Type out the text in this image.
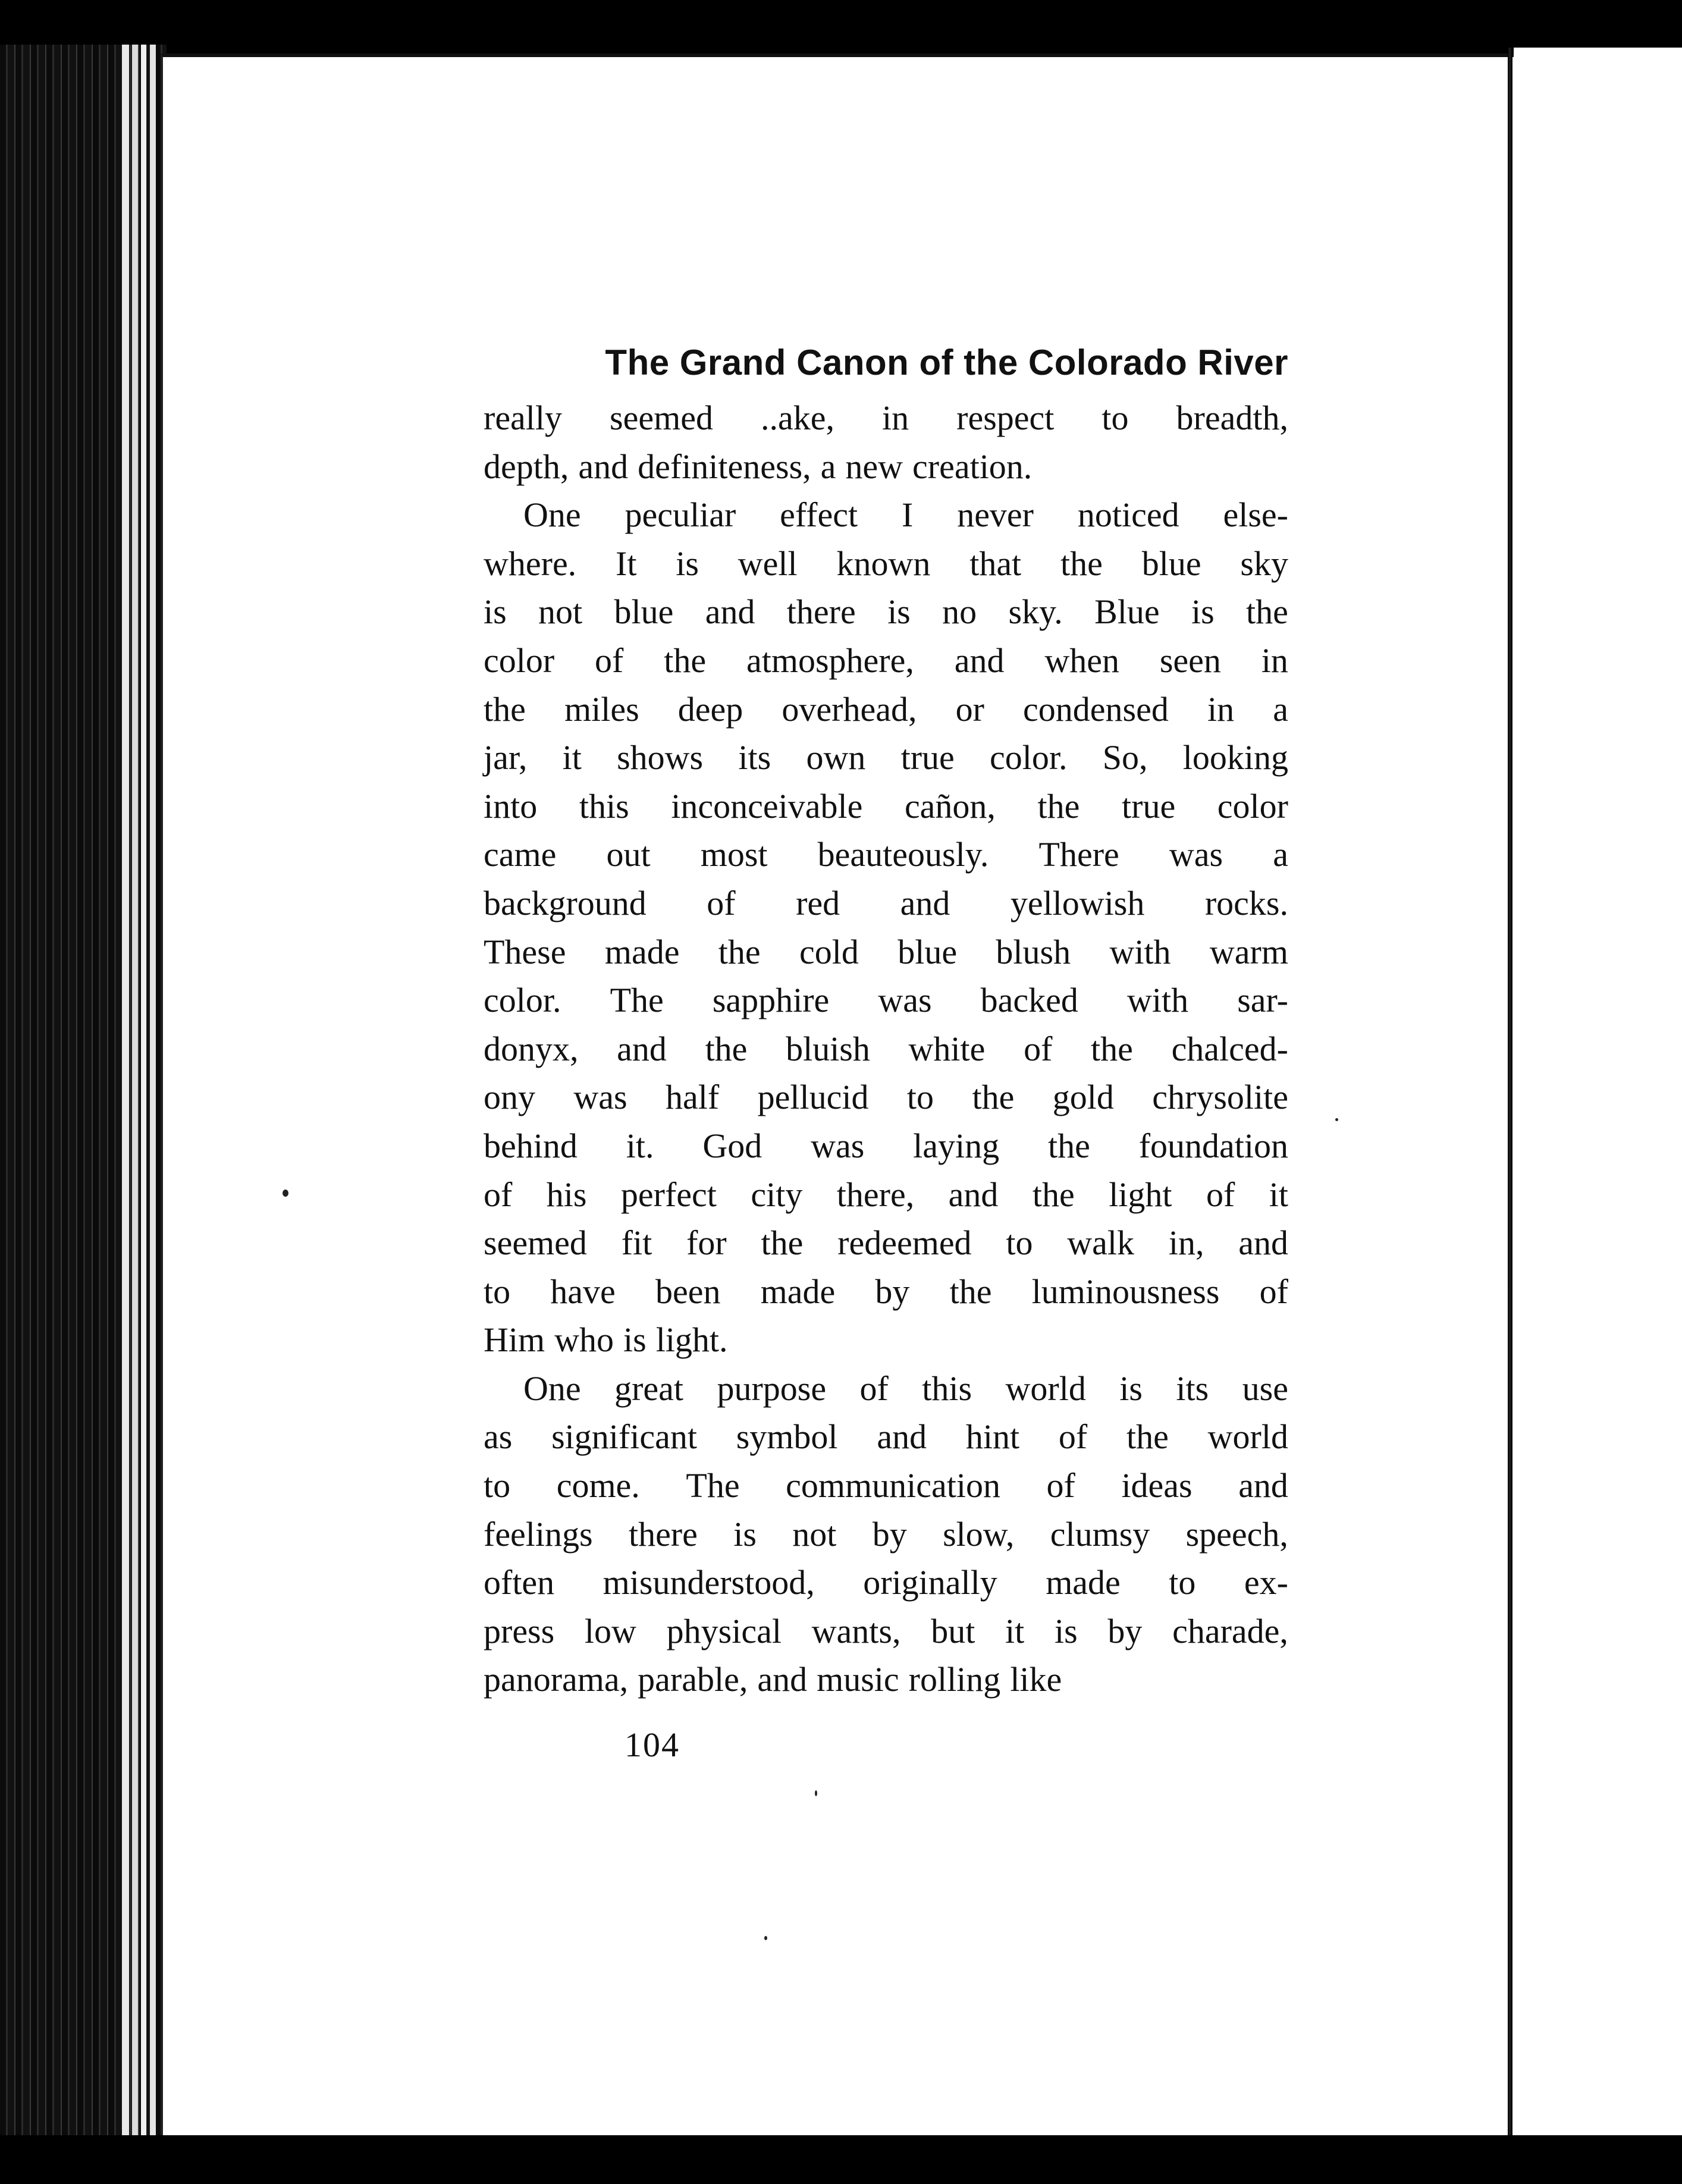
The Grand Canon of the Colorado River
really seemed ..ake, in respect to breadth,
depth, and definiteness, a new creation.
One peculiar effect I never noticed else-
where. It is well known that the blue sky
is not blue and there is no sky. Blue is the
color of the atmosphere, and when seen in
the miles deep overhead, or condensed in a
jar, it shows its own true color. So, looking
into this inconceivable cañon, the true color
came out most beauteously. There was a
background of red and yellowish rocks.
These made the cold blue blush with warm
color. The sapphire was backed with sar-
donyx, and the bluish white of the chalced-
ony was half pellucid to the gold chrysolite
behind it. God was laying the foundation
of his perfect city there, and the light of it
seemed fit for the redeemed to walk in, and
to have been made by the luminousness of
Him who is light.
One great purpose of this world is its use
as significant symbol and hint of the world
to come. The communication of ideas and
feelings there is not by slow, clumsy speech,
often misunderstood, originally made to ex-
press low physical wants, but it is by charade,
panorama, parable, and music rolling like
104
